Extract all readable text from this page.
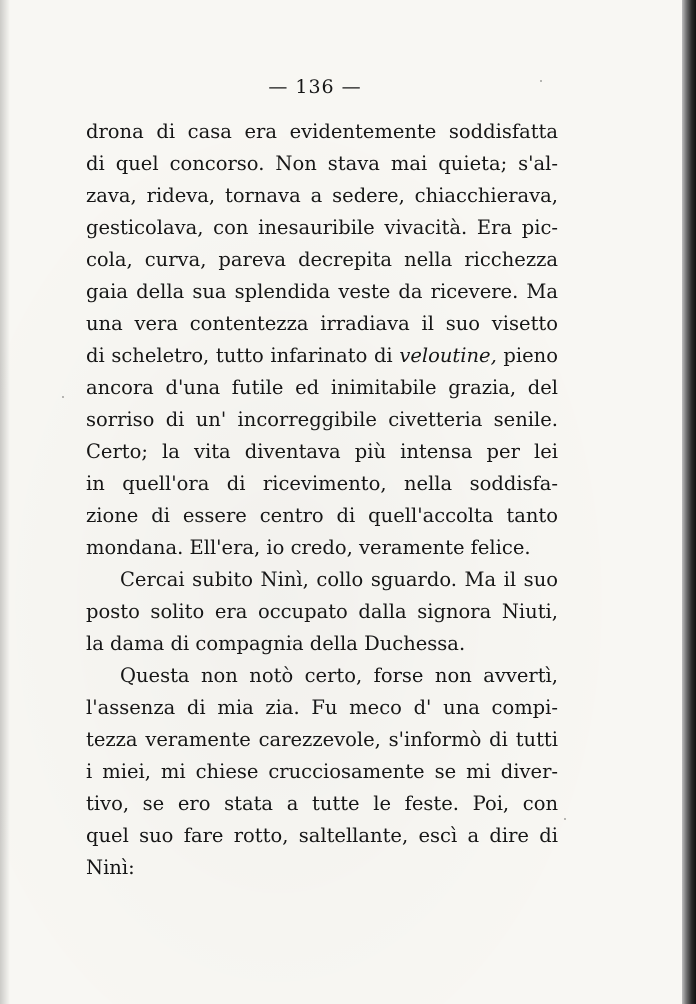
— 136 —
drona di casa era evidentemente soddisfatta
di quel concorso. Non stava mai quieta; s'al-
zava, rideva, tornava a sedere, chiacchierava,
gesticolava, con inesauribile vivacità. Era pic-
cola, curva, pareva decrepita nella ricchezza
gaia della sua splendida veste da ricevere. Ma
una vera contentezza irradiava il suo visetto
di scheletro, tutto infarinato di veloutine, pieno
ancora d'una futile ed inimitabile grazia, del
sorriso di un' incorreggibile civetteria senile.
Certo; la vita diventava più intensa per lei
in quell'ora di ricevimento, nella soddisfa-
zione di essere centro di quell'accolta tanto
mondana. Ell'era, io credo, veramente felice.
Cercai subito Ninì, collo sguardo. Ma il suo
posto solito era occupato dalla signora Niuti,
la dama di compagnia della Duchessa.
Questa non notò certo, forse non avvertì,
l'assenza di mia zia. Fu meco d' una compi-
tezza veramente carezzevole, s'informò di tutti
i miei, mi chiese crucciosamente se mi diver-
tivo, se ero stata a tutte le feste. Poi, con
quel suo fare rotto, saltellante, escì a dire di
Ninì:
